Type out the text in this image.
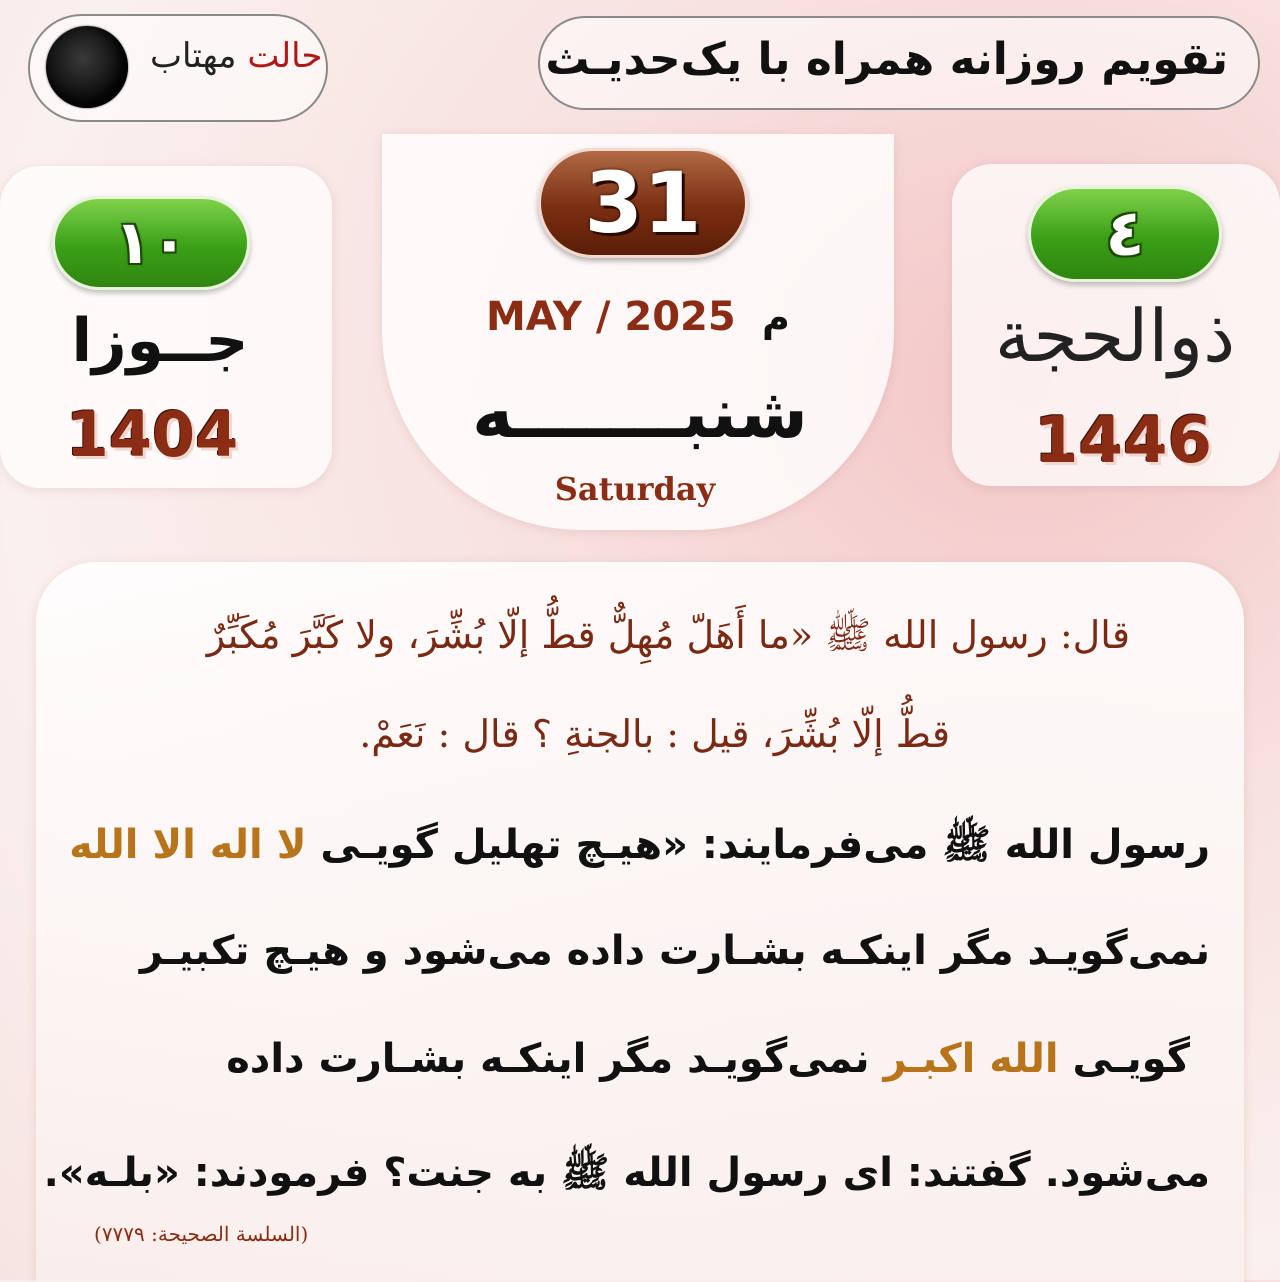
تقویم روزانه همراه با یک‌حدیـث
حالت مهتاب
۱۰
جــوزا
1404
٤
ذوالحجة
1446
31
MAY / 2025 م
شنبـــــــه
Saturday
قال: رسول الله ﷺ «ما أَهَلّ مُهِلٌّ قطُّ إلّا بُشِّرَ، ولا كَبَّرَ مُكَبِّرٌ
قطُّ إلّا بُشِّرَ، قيل : بالجنةِ ؟ قال : نَعَمْ.
رسول الله ﷺ می‌فرمایند: «هیـچ تهلیل گویـی لا اله الا الله
نمی‌گویـد مگر اینکـه بشـارت داده می‌شود و هیـچ تکبیـر
گویـی الله اکبـر نمی‌گویـد مگر اینکـه بشـارت داده
می‌شود. گفتند: ای رسول الله ﷺ به جنت؟ فرمودند: «بلـه».
(السلسة الصحيحة: ٧٧٧٩)
